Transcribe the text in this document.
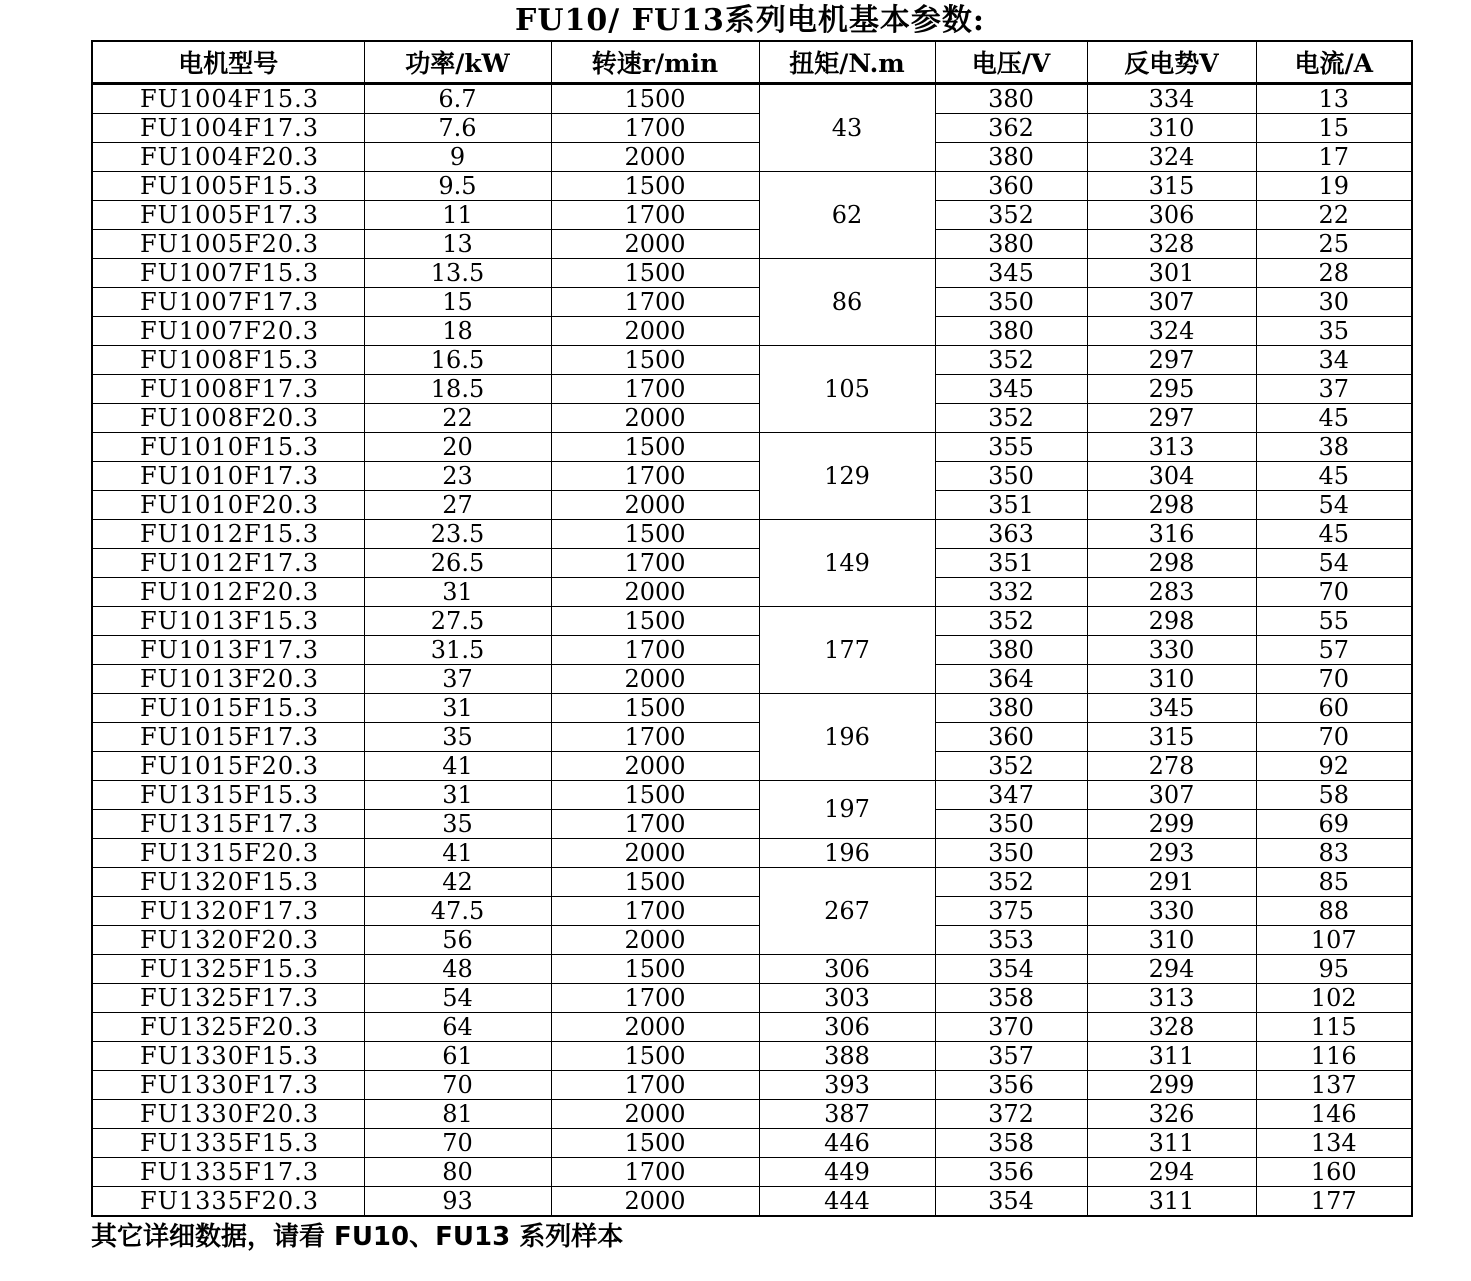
FU10/ FU13系列电机基本参数:
电机型号	功率/kW	转速r/min	扭矩/N.m	电压/V	反电势V	电流/A
FU1004F15.3	6.7	1500	43	380	334	13
FU1004F17.3	7.6	1700		362	310	15
FU1004F20.3	9	2000		380	324	17
FU1005F15.3	9.5	1500	62	360	315	19
FU1005F17.3	11	1700		352	306	22
FU1005F20.3	13	2000		380	328	25
FU1007F15.3	13.5	1500	86	345	301	28
FU1007F17.3	15	1700		350	307	30
FU1007F20.3	18	2000		380	324	35
FU1008F15.3	16.5	1500	105	352	297	34
FU1008F17.3	18.5	1700		345	295	37
FU1008F20.3	22	2000		352	297	45
FU1010F15.3	20	1500	129	355	313	38
FU1010F17.3	23	1700		350	304	45
FU1010F20.3	27	2000		351	298	54
FU1012F15.3	23.5	1500	149	363	316	45
FU1012F17.3	26.5	1700		351	298	54
FU1012F20.3	31	2000		332	283	70
FU1013F15.3	27.5	1500	177	352	298	55
FU1013F17.3	31.5	1700		380	330	57
FU1013F20.3	37	2000		364	310	70
FU1015F15.3	31	1500	196	380	345	60
FU1015F17.3	35	1700		360	315	70
FU1015F20.3	41	2000		352	278	92
FU1315F15.3	31	1500	197	347	307	58
FU1315F17.3	35	1700		350	299	69
FU1315F20.3	41	2000	196	350	293	83
FU1320F15.3	42	1500	267	352	291	85
FU1320F17.3	47.5	1700		375	330	88
FU1320F20.3	56	2000		353	310	107
FU1325F15.3	48	1500	306	354	294	95
FU1325F17.3	54	1700	303	358	313	102
FU1325F20.3	64	2000	306	370	328	115
FU1330F15.3	61	1500	388	357	311	116
FU1330F17.3	70	1700	393	356	299	137
FU1330F20.3	81	2000	387	372	326	146
FU1335F15.3	70	1500	446	358	311	134
FU1335F17.3	80	1700	449	356	294	160
FU1335F20.3	93	2000	444	354	311	177
其它详细数据，请看 FU10、FU13 系列样本
